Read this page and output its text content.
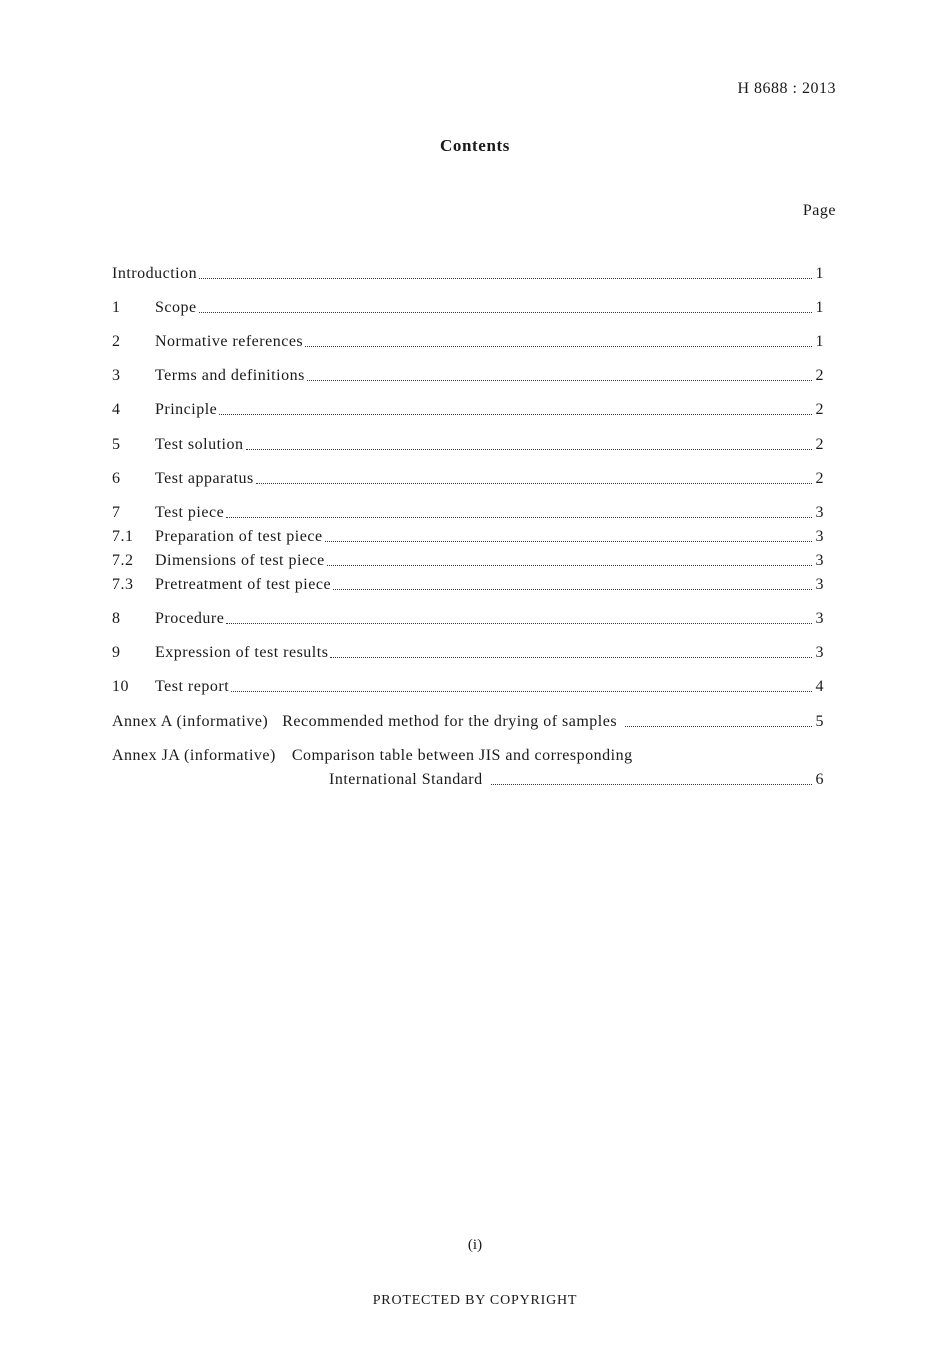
H 8688 : 2013
Contents
Page
Introduction	1
1	Scope	1
2	Normative references	1
3	Terms and definitions	2
4	Principle	2
5	Test solution	2
6	Test apparatus	2
7	Test piece	3
7.1	Preparation of test piece	3
7.2	Dimensions of test piece	3
7.3	Pretreatment of test piece	3
8	Procedure	3
9	Expression of test results	3
10	Test report	4
Annex A (informative) Recommended method for the drying of samples	5
Annex JA (informative) Comparison table between JIS and corresponding
International Standard	6
(i)
PROTECTED BY COPYRIGHT
